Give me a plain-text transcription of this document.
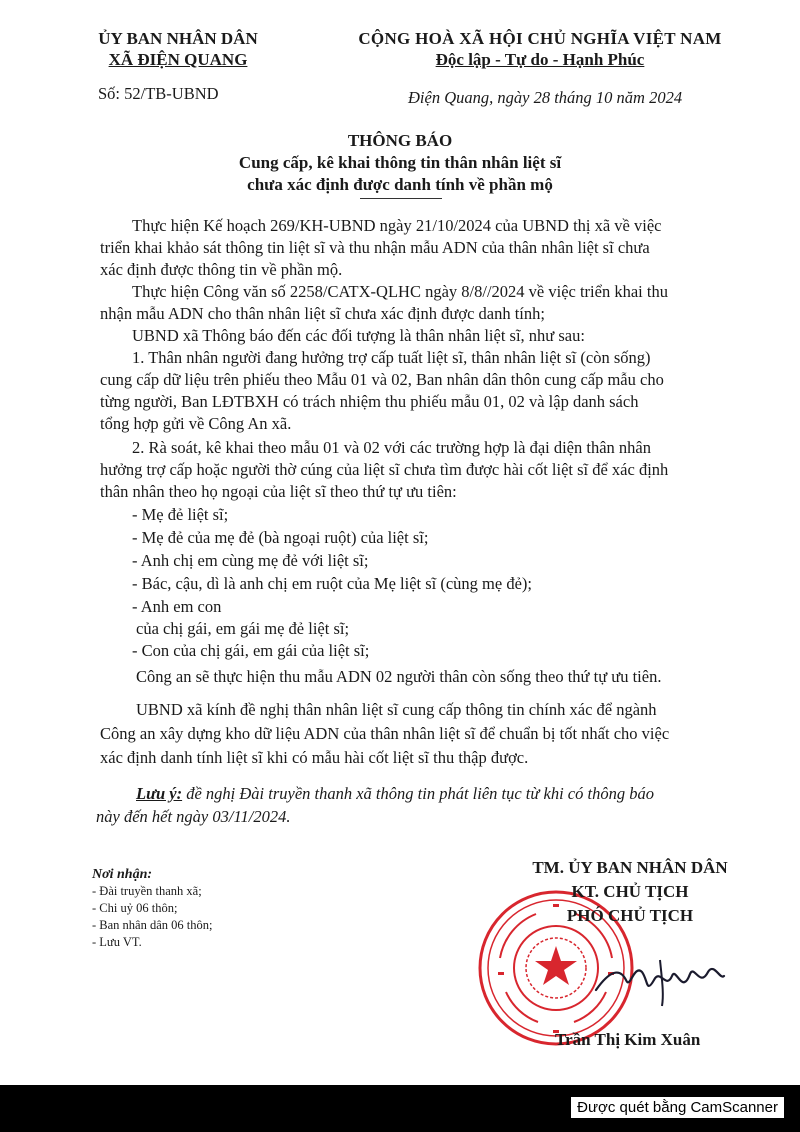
ỦY BAN NHÂN DÂN
XÃ ĐIỆN QUANG
Số: 52/TB-UBND
CỘNG HOÀ XÃ HỘI CHỦ NGHĨA VIỆT NAM
Độc lập - Tự do - Hạnh Phúc
Điện Quang, ngày 28 tháng 10 năm 2024
THÔNG BÁO
Cung cấp, kê khai thông tin thân nhân liệt sĩ
chưa xác định được danh tính về phần mộ

Thực hiện Kế hoạch 269/KH-UBND ngày 21/10/2024 của UBND thị xã về việc

triển khai khảo sát thông tin liệt sĩ và thu nhận mẫu ADN của thân nhân liệt sĩ chưa

xác định được thông tin về phần mộ.

Thực hiện Công văn số 2258/CATX-QLHC ngày 8/8//2024 về việc triển khai thu

nhận mẫu ADN cho thân nhân liệt sĩ chưa xác định được danh tính;

UBND xã Thông báo đến các đối tượng là thân nhân liệt sĩ, như sau:

1. Thân nhân người đang hưởng trợ cấp tuất liệt sĩ, thân nhân liệt sĩ (còn sống)

cung cấp dữ liệu trên phiếu theo Mẫu 01 và 02, Ban nhân dân thôn cung cấp mẫu cho

từng người, Ban LĐTBXH có trách nhiệm thu phiếu mẫu 01, 02 và lập danh sách

tổng hợp gửi về Công An xã.

2. Rà soát, kê khai theo mẫu 01 và 02 với các trường hợp là đại diện thân nhân

hưởng trợ cấp hoặc người thờ cúng của liệt sĩ chưa tìm được hài cốt liệt sĩ để xác định

thân nhân theo họ ngoại của liệt sĩ theo thứ tự ưu tiên:

- Mẹ đẻ liệt sĩ;

- Mẹ đẻ của mẹ đẻ (bà ngoại ruột) của liệt sĩ;

- Anh chị em cùng mẹ đẻ với liệt sĩ;

- Bác, cậu, dì là anh chị em ruột của Mẹ liệt sĩ (cùng mẹ đẻ);

- Anh em con

của chị gái, em gái mẹ đẻ liệt sĩ;

- Con của chị gái, em gái của liệt sĩ;

Công an sẽ thực hiện thu mẫu ADN 02 người thân còn sống theo thứ tự ưu tiên.

UBND xã kính đề nghị thân nhân liệt sĩ cung cấp thông tin chính xác để ngành

Công an xây dựng kho dữ liệu ADN của thân nhân liệt sĩ để chuẩn bị tốt nhất cho việc

xác định danh tính liệt sĩ khi có mẫu hài cốt liệt sĩ thu thập được.

Lưu ý: đề nghị Đài truyền thanh xã thông tin phát liên tục từ khi có thông báo

này đến hết ngày 03/11/2024.

Nơi nhận:
- Đài truyền thanh xã;
- Chi uỷ 06 thôn;
- Ban nhân dân 06 thôn;
- Lưu VT.
TM. ỦY BAN NHÂN DÂN
KT. CHỦ TỊCH
PHÓ CHỦ TỊCH
Trần Thị Kim Xuân
Được quét bằng CamScanner
